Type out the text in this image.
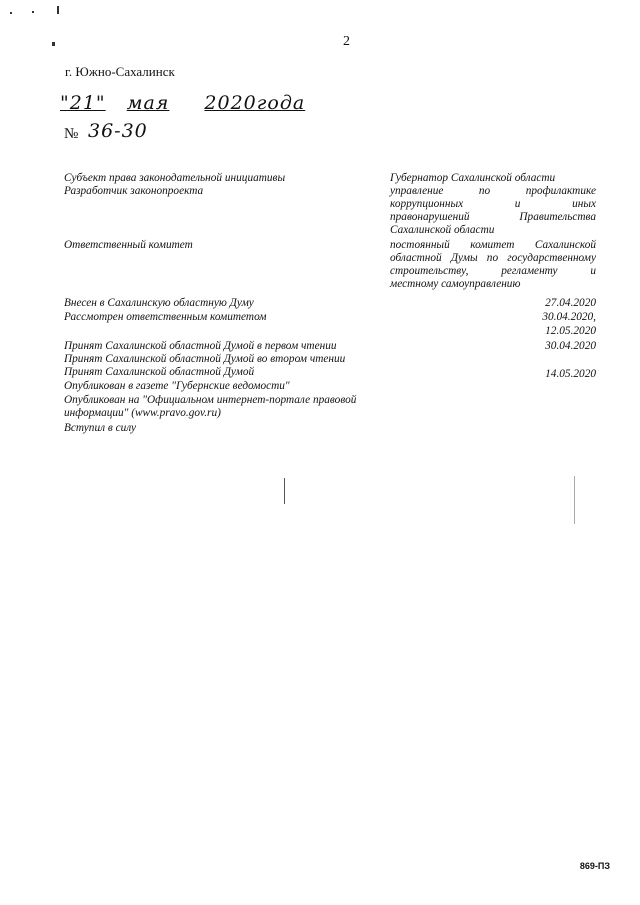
2
г. Южно-Сахалинск
"21" мая 2020года
№ 36-30
Субъект права законодательной инициативы
Разработчик законопроекта
Ответственный комитет
Внесен в Сахалинскую областную Думу
Рассмотрен ответственным комитетом
Принят Сахалинской областной Думой в первом чтении
Принят Сахалинской областной Думой во втором чтении
Принят Сахалинской областной Думой
Опубликован в газете "Губернские ведомости"
Опубликован на "Официальном интернет-портале правовой
информации" (www.pravo.gov.ru)
Вступил в силу
Губернатор Сахалинской области
управление по профилактике
коррупционных и иных
правонарушений Правительства
Сахалинской области
постоянный комитет Сахалинской
областной Думы по государственному
строительству, регламенту и
местному самоуправлению
27.04.2020
30.04.2020,
12.05.2020
30.04.2020
14.05.2020
869-ПЗ
